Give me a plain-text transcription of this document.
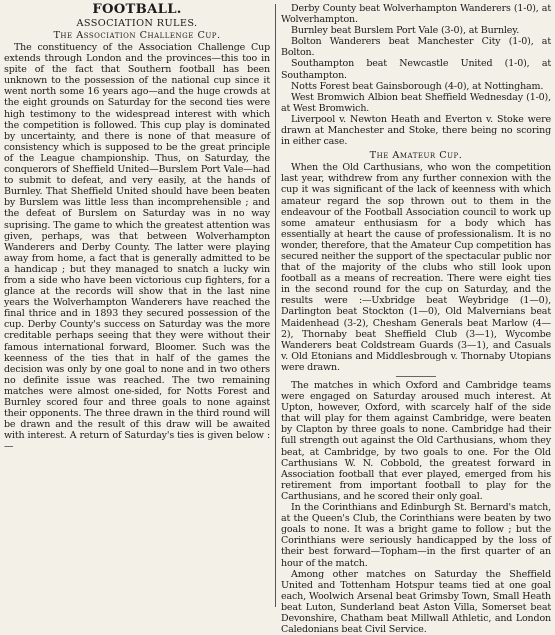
FOOTBALL.
ASSOCIATION RULES.
The Association Challenge Cup.

The constituency of the Association Challenge Cup extends through London and the provinces—this too in spite of the fact that Southern football has been unknown to the possession of the national cup since it went north some 16 years ago—and the huge crowds at the eight grounds on Saturday for the second ties were high testimony to the widespread interest with which the competition is followed. This cup play is dominated by uncertainty, and there is none of that measure of consistency which is supposed to be the great principle of the League championship. Thus, on Saturday, the conquerors of Sheffield United—Burslem Port Vale—had to submit to defeat, and very easily, at the hands of Burnley. That Sheffield United should have been beaten by Burslem was little less than incomprehensible ; and the defeat of Burslem on Saturday was in no way suprising. The game to which the greatest attention was given, perhaps, was that between Wolverhampton Wanderers and Derby County. The latter were playing away from home, a fact that is generally admitted to be a handicap ; but they managed to snatch a lucky win from a side who have been victorious cup fighters, for a glance at the records will show that in the last nine years the Wolverhampton Wanderers have reached the final thrice and in 1893 they secured possession of the cup. Derby County's success on Saturday was the more creditable perhaps seeing that they were without their famous international forward, Bloomer. Such was the keenness of the ties that in half of the games the decision was only by one goal to none and in two others no definite issue was reached. The two remaining matches were almost one-sided, for Notts Forest and Burnley scored four and three goals to none against their opponents. The three drawn in the third round will be drawn and the result of this draw will be awaited with interest. A return of Saturday's ties is given below :—

Derby County beat Wolverhampton Wanderers (1-0), at Wolverhampton.

Burnley beat Burslem Port Vale (3-0), at Burnley.

Bolton Wanderers beat Manchester City (1-0), at Bolton.

Southampton beat Newcastle United (1-0), at Southampton.

Notts Forest beat Gainsborough (4-0), at Nottingham.

West Bromwich Albion beat Sheffield Wednesday (1-0), at West Bromwich.

Liverpool v. Newton Heath and Everton v. Stoke were drawn at Manchester and Stoke, there being no scoring in either case.

The Amateur Cup.

When the Old Carthusians, who won the competition last year, withdrew from any further connexion with the cup it was significant of the lack of keenness with which amateur regard the sop thrown out to them in the endeavour of the Football Association council to work up some amateur enthusiasm for a body which has essentially at heart the cause of professionalism. It is no wonder, therefore, that the Amateur Cup competition has secured neither the support of the spectacular public nor that of the majority of the clubs who still look upon football as a means of recreation. There were eight ties in the second round for the cup on Saturday, and the results were :—Uxbridge beat Weybridge (1—0), Darlington beat Stockton (1—0), Old Malvernians beat Maidenhead (3-2), Chesham Generals beat Marlow (4—2), Thornaby beat Sheffield Club (3—1), Wycombe Wanderers beat Coldstream Guards (3—1), and Casuals v. Old Etonians and Middlesbrough v. Thornaby Utopians were drawn.

The matches in which Oxford and Cambridge teams were engaged on Saturday aroused much interest. At Upton, however, Oxford, with scarcely half of the side that will play for them against Cambridge, were beaten by Clapton by three goals to none. Cambridge had their full strength out against the Old Carthusians, whom they beat, at Cambridge, by two goals to one. For the Old Carthusians W. N. Cobbold, the greatest forward in Association football that ever played, emerged from his retirement from important football to play for the Carthusians, and he scored their only goal.

In the Corinthians and Edinburgh St. Bernard's match, at the Queen's Club, the Corinthians were beaten by two goals to none. It was a bright game to follow ; but the Corinthians were seriously handicapped by the loss of their best forward—Topham—in the first quarter of an hour of the match.

Among other matches on Saturday the Sheffield United and Tottenham Hotspur teams tied at one goal each, Woolwich Arsenal beat Grimsby Town, Small Heath beat Luton, Sunderland beat Aston Villa, Somerset beat Devonshire, Chatham beat Millwall Athletic, and London Caledonians beat Civil Service.
